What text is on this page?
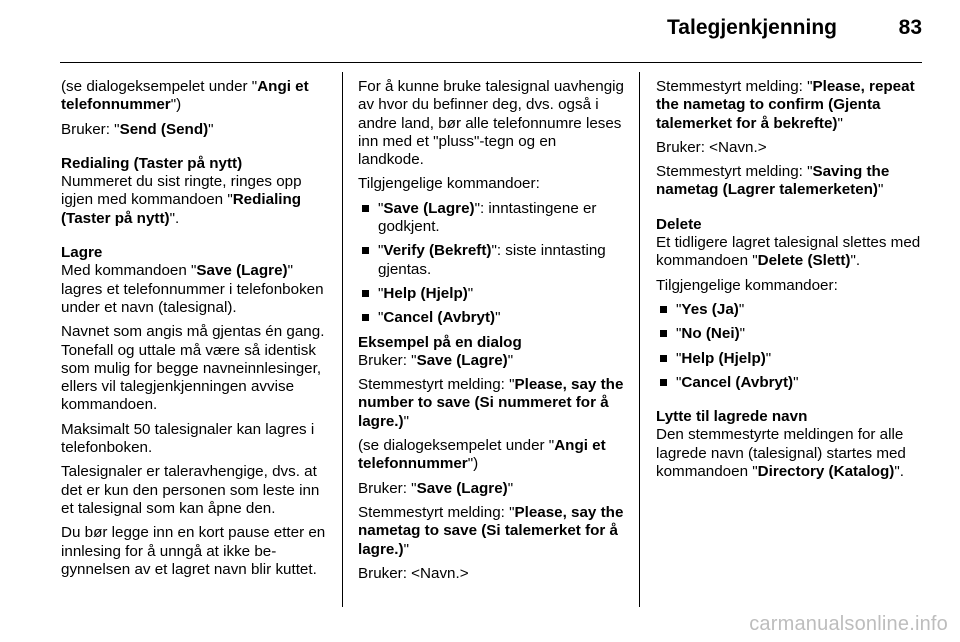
Talegjenkjenning	83

(se dialogeksempelet under "Angi et telefonnummer")

Bruker: "Send (Send)"

Redialing (Taster på nytt)

Nummeret du sist ringte, ringes opp igjen med kommandoen "Redialing (Taster på nytt)".

Lagre

Med kommandoen "Save (Lagre)" lagres et telefonnummer i telefonboken under et navn (talesignal).

Navnet som angis må gjentas én gang. Tonefall og uttale må være så identisk som mulig for begge navneinnlesinger, ellers vil talegjenkjenningen avvise kommandoen.

Maksimalt 50 talesignaler kan lagres i telefonboken.

Talesignaler er taleravhengige, dvs. at det er kun den personen som leste inn et talesignal som kan åpne den.

Du bør legge inn en kort pause etter en innlesing for å unngå at ikke begynnelsen av et lagret navn blir kuttet.

For å kunne bruke talesignal uavhengig av hvor du befinner deg, dvs. også i andre land, bør alle telefonnumre leses inn med et "pluss"-tegn og en landkode.

Tilgjengelige kommandoer:

"Save (Lagre)": inntastingene er godkjent.
"Verify (Bekreft)": siste inntasting gjentas.
"Help (Hjelp)"
"Cancel (Avbryt)"
Eksempel på en dialog

Bruker: "Save (Lagre)"

Stemmestyrt melding: "Please, say the number to save (Si nummeret for å lagre.)"

(se dialogeksempelet under "Angi et telefonnummer")

Bruker: "Save (Lagre)"

Stemmestyrt melding: "Please, say the nametag to save (Si talemerket for å lagre.)"

Bruker: <Navn.>

Stemmestyrt melding: "Please, repeat the nametag to confirm (Gjenta talemerket for å bekrefte)"

Bruker: <Navn.>

Stemmestyrt melding: "Saving the nametag (Lagrer talemerketen)"

Delete

Et tidligere lagret talesignal slettes med kommandoen "Delete (Slett)".

Tilgjengelige kommandoer:

"Yes (Ja)"
"No (Nei)"
"Help (Hjelp)"
"Cancel (Avbryt)"
Lytte til lagrede navn

Den stemmestyrte meldingen for alle lagrede navn (talesignal) startes med kommandoen "Directory (Katalog)".

carmanualsonline.info
